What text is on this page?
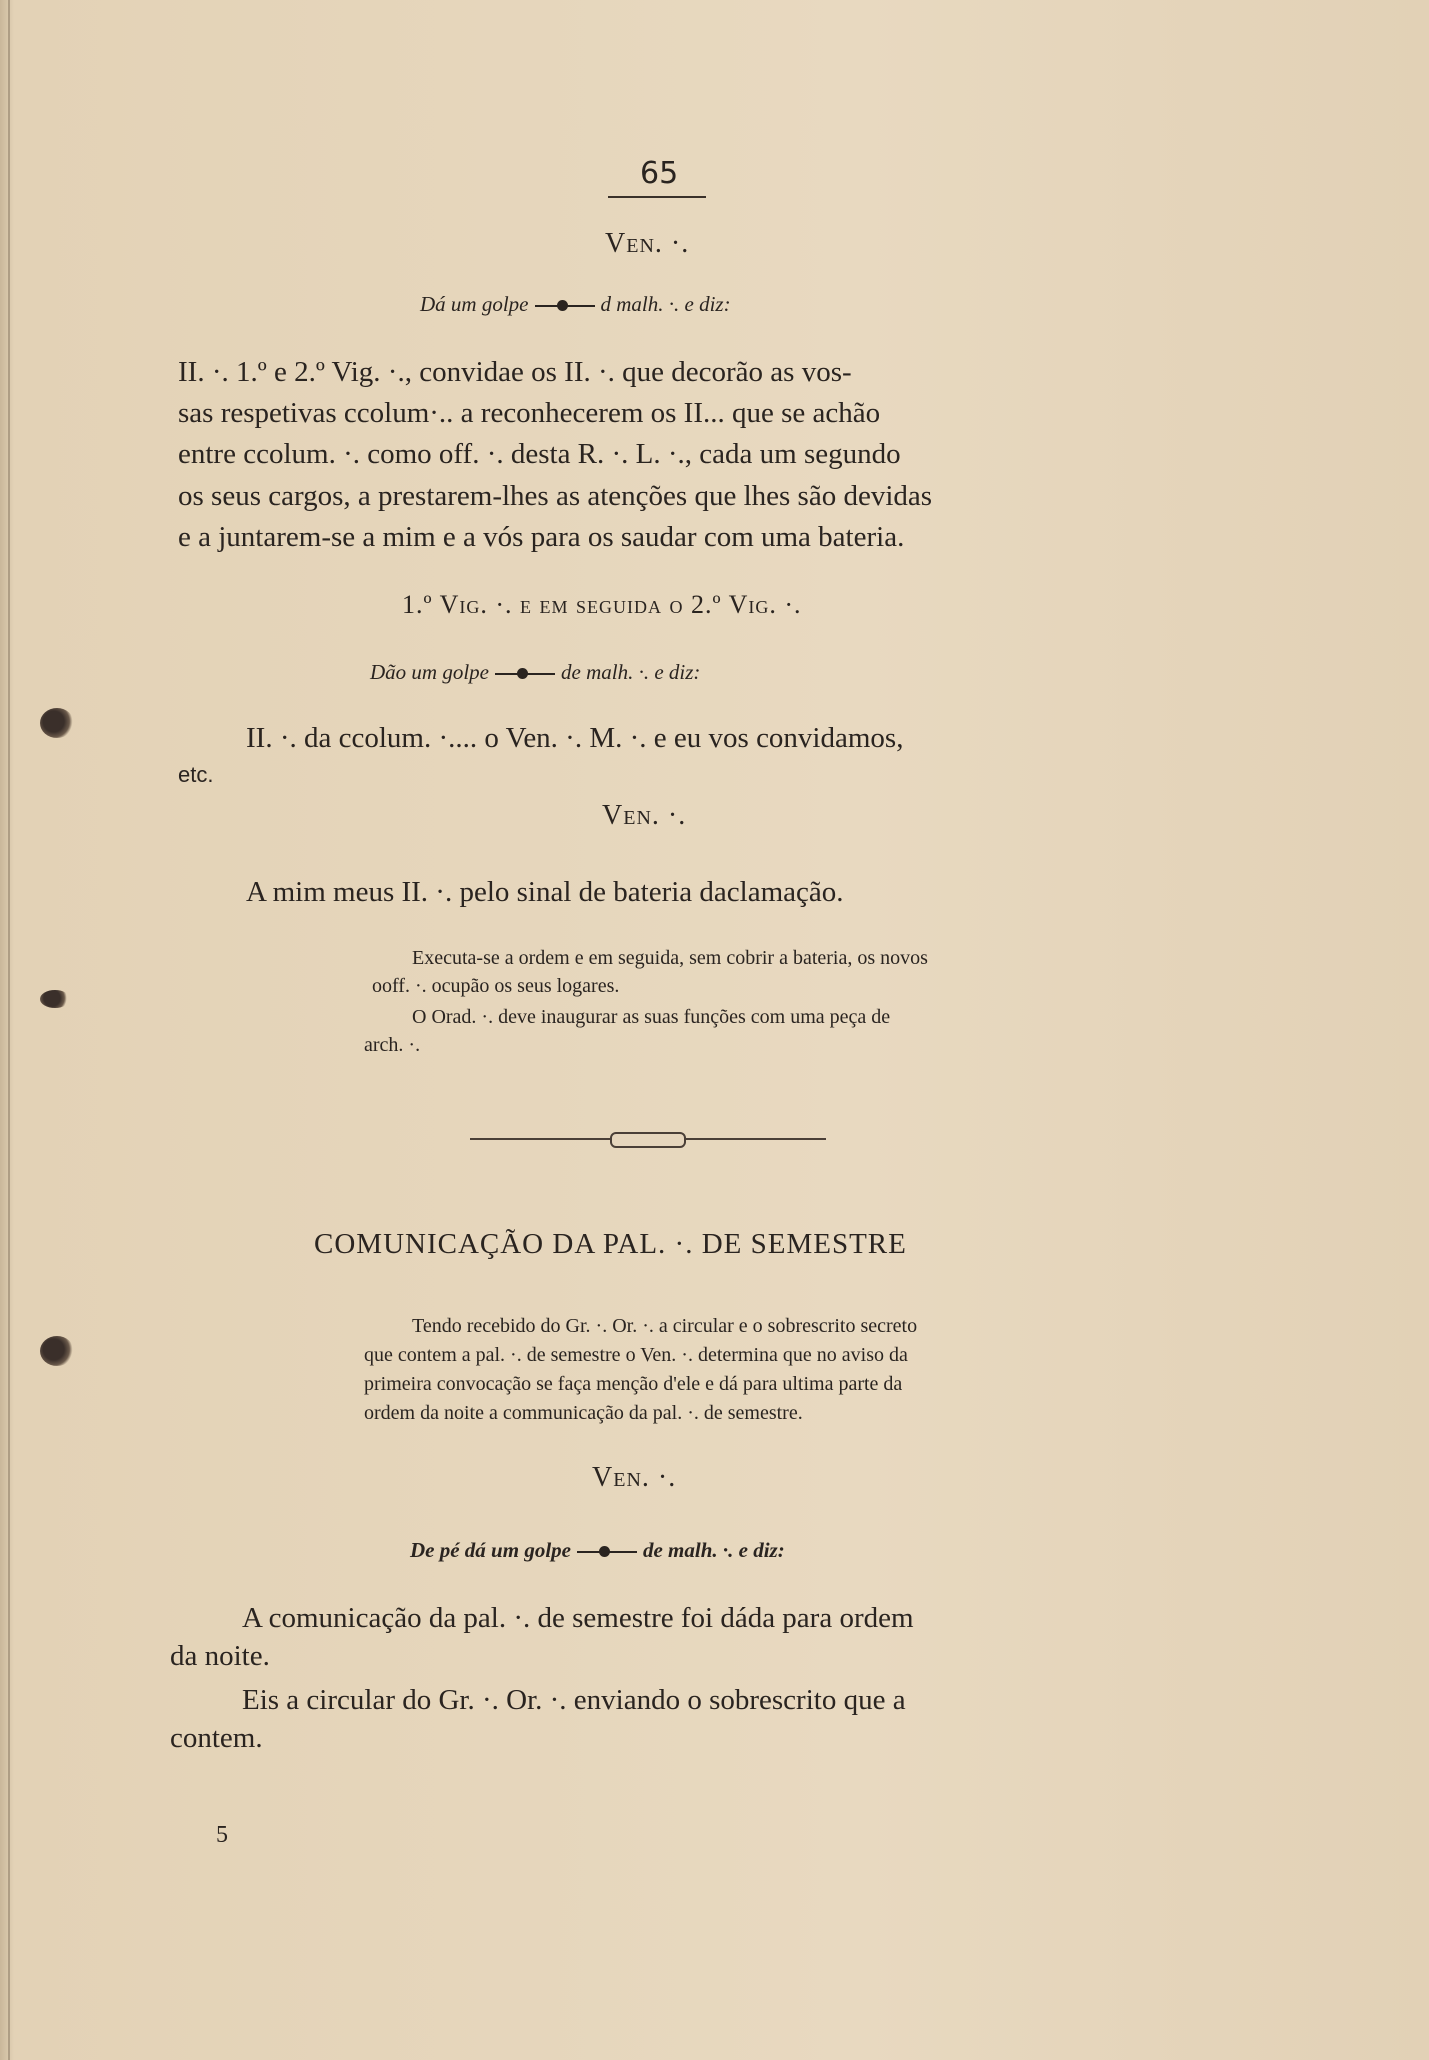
65
Ven. ·.
Dá um golpe	d malh. ·. e diz:
II. ·. 1.º e 2.º Vig. ·., convidae os II. ·. que decorão as vos-
sas respetivas ccolum·.. a reconhecerem os II... que se achão
entre ccolum. ·. como off. ·. desta R. ·. L. ·., cada um segundo
os seus cargos, a prestarem-lhes as atenções que lhes são devidas
e a juntarem-se a mim e a vós para os saudar com uma bateria.
1.º Vig. ·. e em seguida o 2.º Vig. ·.
Dão um golpe	de malh. ·. e diz:
II. ·. da ccolum. ·.... o Ven. ·. M. ·. e eu vos convidamos,
etc.
Ven. ·.
A mim meus II. ·. pelo sinal de bateria daclamação.
Executa-se a ordem e em seguida, sem cobrir a bateria, os novos
ooff. ·. ocupão os seus logares.
O Orad. ·. deve inaugurar as suas funções com uma peça de
arch. ·.
COMUNICAÇÃO DA PAL. ·. DE SEMESTRE
Tendo recebido do Gr. ·. Or. ·. a circular e o sobrescrito secreto
que contem a pal. ·. de semestre o Ven. ·. determina que no aviso da
primeira convocação se faça menção d'ele e dá para ultima parte da
ordem da noite a communicação da pal. ·. de semestre.
Ven. ·.
De pé dá um golpe	de malh. ·. e diz:
A comunicação da pal. ·. de semestre foi dáda para ordem
da noite.
Eis a circular do Gr. ·. Or. ·. enviando o sobrescrito que a
contem.
5
